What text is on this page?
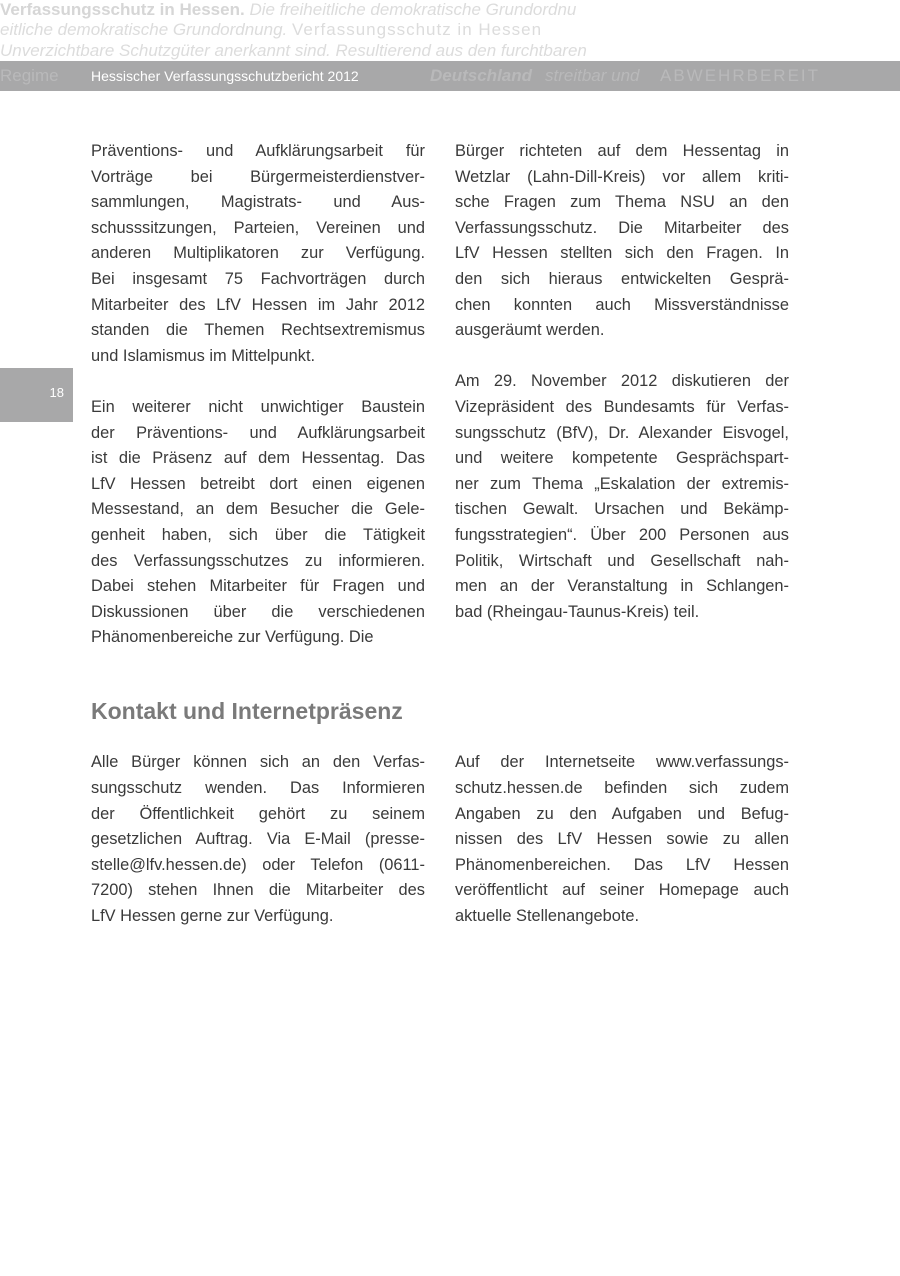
Verfassungsschutz in Hessen. Die freiheitliche demokratische Grundordnu
eitliche demokratische Grundordnung. Verfassungsschutz in Hessen
Unverzichtbare Schutzgüter anerkannt sind. Resultierend aus den furchtbaren
Regime Hessischer Verfassungsschutzbericht 2012	Deutschland streitbar und ABWEHRBEREIT
18
Präventions- und Aufklärungsarbeit für
Vorträge bei Bürgermeisterdienstver-
sammlungen, Magistrats- und Aus-
schusssitzungen, Parteien, Vereinen und
anderen Multiplikatoren zur Verfügung.
Bei insgesamt 75 Fachvorträgen durch
Mitarbeiter des LfV Hessen im Jahr 2012
standen die Themen Rechtsextremismus
und Islamismus im Mittelpunkt.
Ein weiterer nicht unwichtiger Baustein
der Präventions- und Aufklärungsarbeit
ist die Präsenz auf dem Hessentag. Das
LfV Hessen betreibt dort einen eigenen
Messestand, an dem Besucher die Gele-
genheit haben, sich über die Tätigkeit
des Verfassungsschutzes zu informieren.
Dabei stehen Mitarbeiter für Fragen und
Diskussionen über die verschiedenen
Phänomenbereiche zur Verfügung. Die
Bürger richteten auf dem Hessentag in
Wetzlar (Lahn-Dill-Kreis) vor allem kriti-
sche Fragen zum Thema NSU an den
Verfassungsschutz. Die Mitarbeiter des
LfV Hessen stellten sich den Fragen. In
den sich hieraus entwickelten Gesprä-
chen konnten auch Missverständnisse
ausgeräumt werden.
Am 29. November 2012 diskutieren der
Vizepräsident des Bundesamts für Verfas-
sungsschutz (BfV), Dr. Alexander Eisvogel,
und weitere kompetente Gesprächspart-
ner zum Thema „Eskalation der extremis-
tischen Gewalt. Ursachen und Bekämp-
fungsstrategien“. Über 200 Personen aus
Politik, Wirtschaft und Gesellschaft nah-
men an der Veranstaltung in Schlangen-
bad (Rheingau-Taunus-Kreis) teil.
Kontakt und Internetpräsenz
Alle Bürger können sich an den Verfas-
sungsschutz wenden. Das Informieren
der Öffentlichkeit gehört zu seinem
gesetzlichen Auftrag. Via E-Mail (presse-
stelle@lfv.hessen.de) oder Telefon (0611-
7200) stehen Ihnen die Mitarbeiter des
LfV Hessen gerne zur Verfügung.
Auf der Internetseite www.verfassungs-
schutz.hessen.de befinden sich zudem
Angaben zu den Aufgaben und Befug-
nissen des LfV Hessen sowie zu allen
Phänomenbereichen. Das LfV Hessen
veröffentlicht auf seiner Homepage auch
aktuelle Stellenangebote.
